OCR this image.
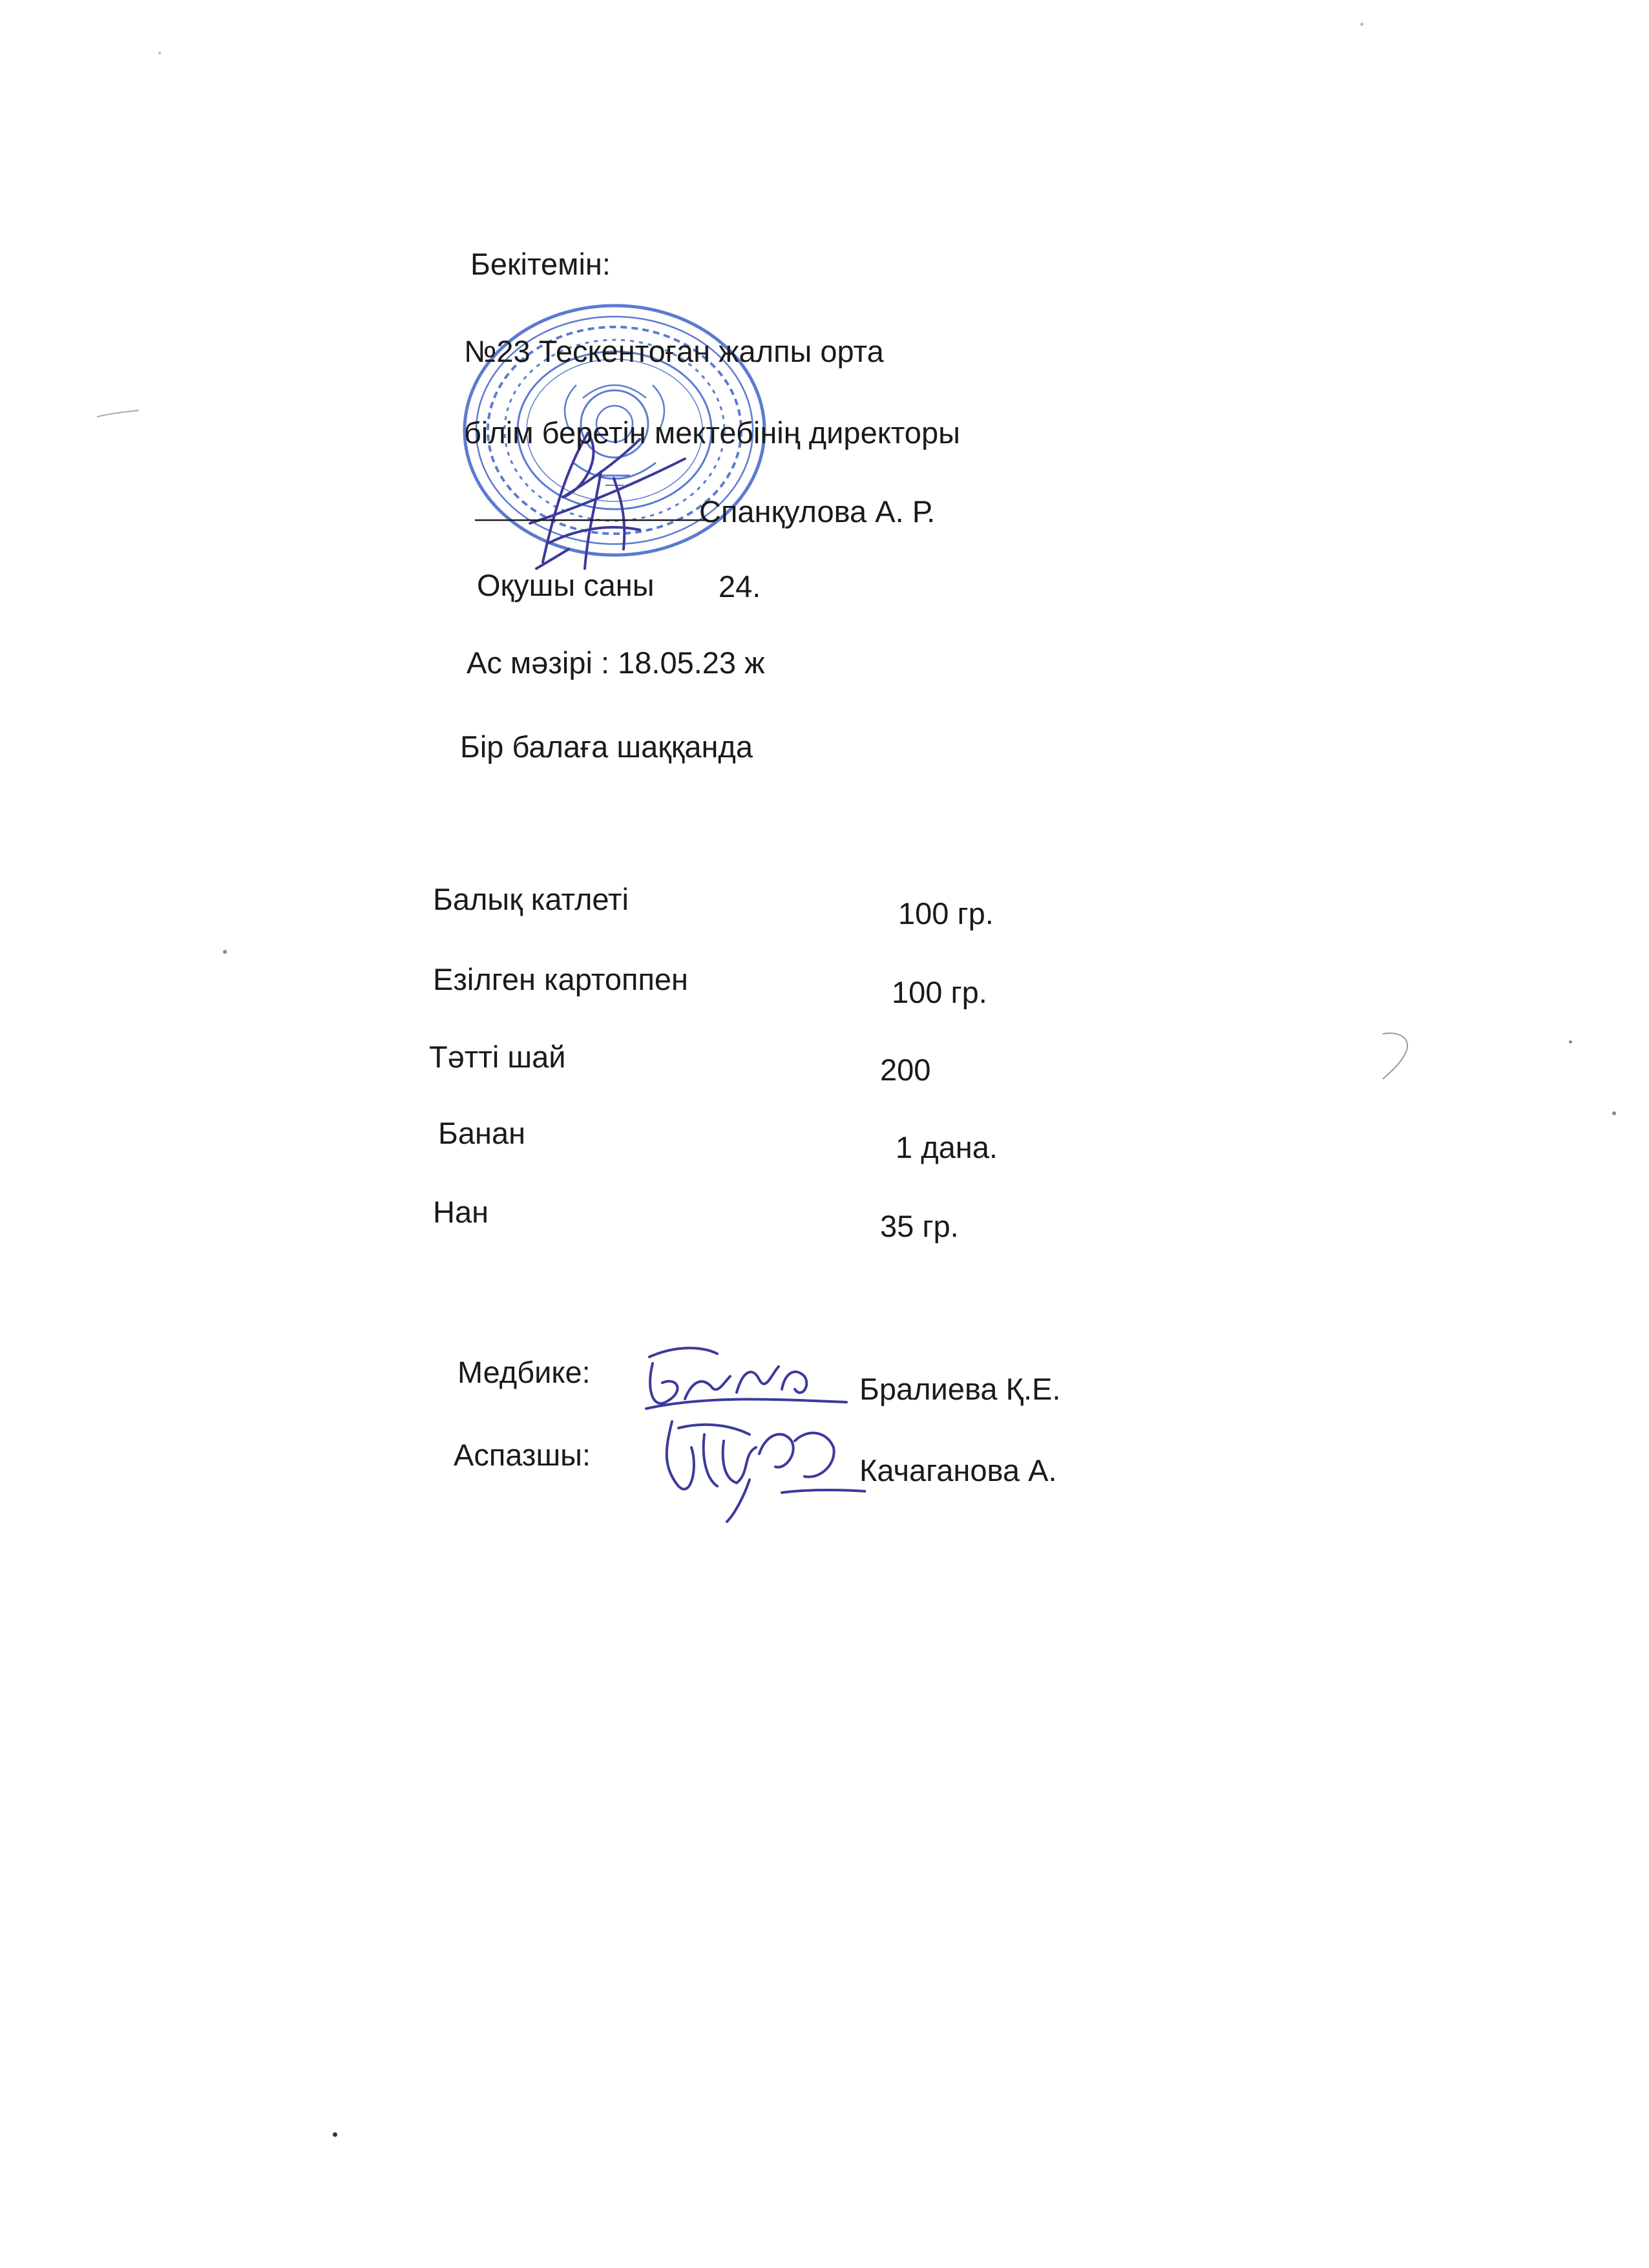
Бекітемін:
№23 Тескентоған жалпы орта
білім беретін мектебінің директоры
Спанқулова А. Р.
Оқушы саны 24.
Ас мәзірі : 18.05.23 ж
Бір балаға шаққанда
Балық катлеті	100 гр.
Езілген картоппен	100 гр.
Тәтті шай	200
Банан	1 дана.
Нан	35 гр.
Медбике:	Бралиева Қ.Е.
Аспазшы:	Качаганова А.
